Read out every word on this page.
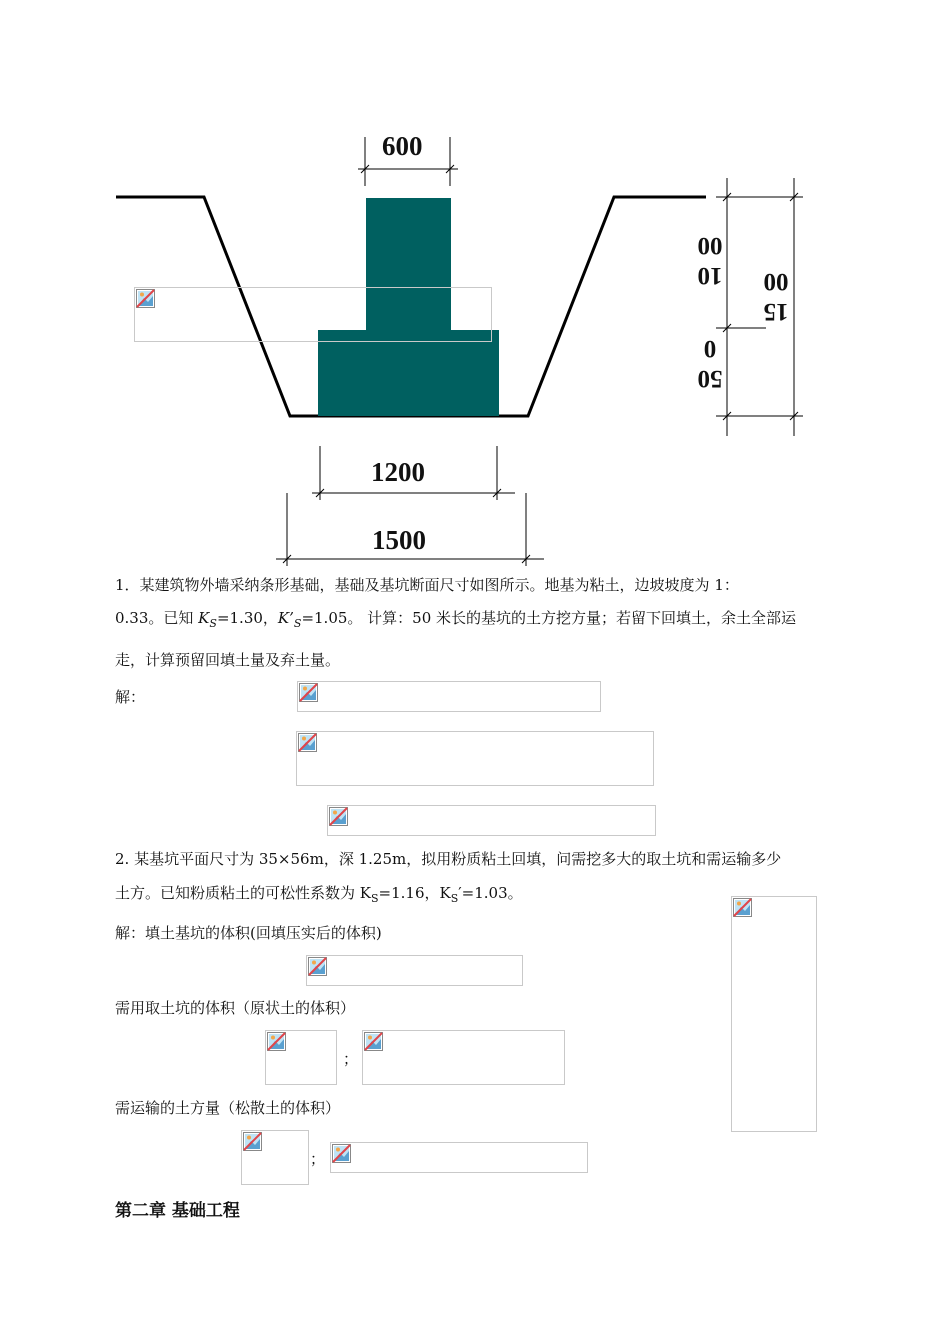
600
1200
1500
10
00
15
00
50
0
1．某建筑物外墙采纳条形基础，基础及基坑断面尺寸如图所示。地基为粘土，边坡坡度为 1：
0.33。已知 $K_S=1.30$，$K’_S=1.05$。 计算：50 米长的基坑的土方挖方量；若留下回填土，余土全部运
走，计算预留回填土量及弃土量。
解：
2. 某基坑平面尺寸为 35×56m，深 1.25m，拟用粉质粘土回填，问需挖多大的取土坑和需运输多少
土方。已知粉质粘土的可松性系数为 $K_S=1.16$，$K_S'=1.03$。
解：填土基坑的体积(回填压实后的体积)
需用取土坑的体积（原状土的体积）
；
需运输的土方量（松散土的体积）
；
第二章 基础工程
